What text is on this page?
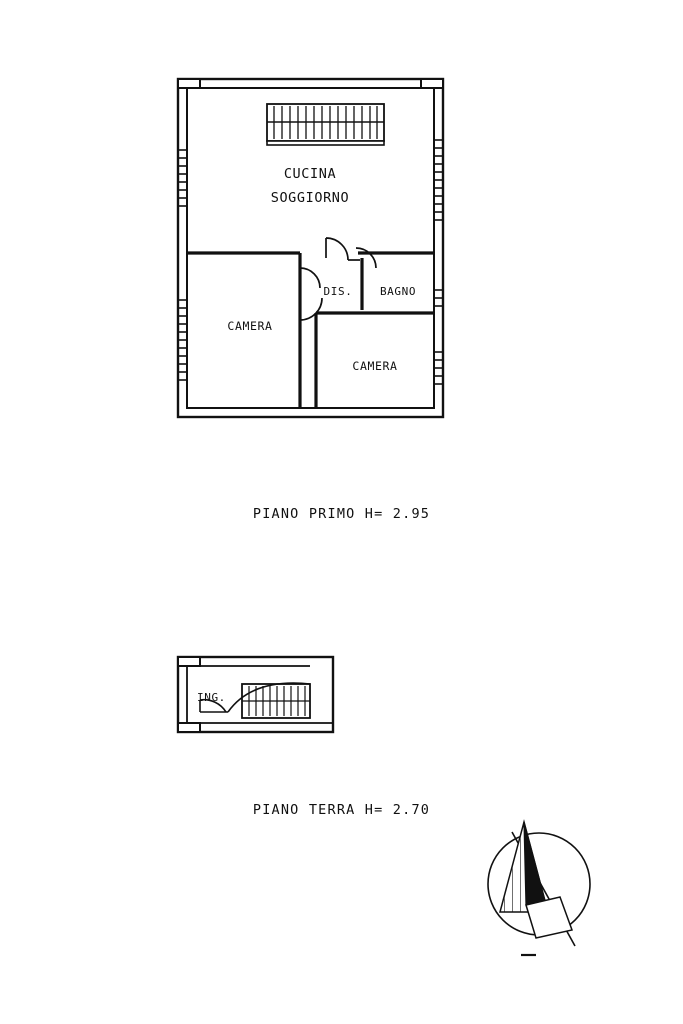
CUCINA
SOGGIORNO
CAMERA
CAMERA
DIS. BAGNO
ING.
PIANO PRIMO H= 2.95
PIANO TERRA H= 2.70
